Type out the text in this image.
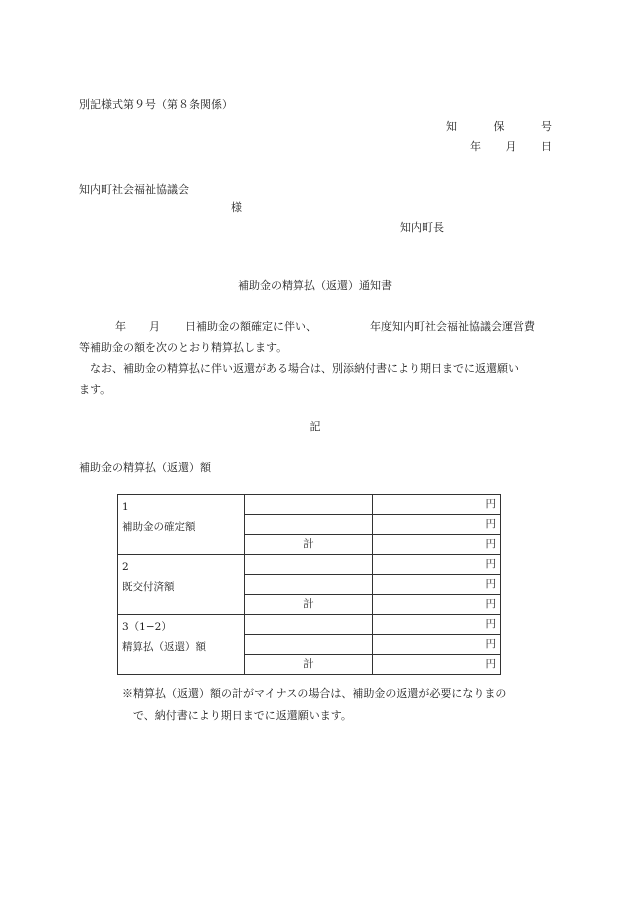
別記様式第９号（第８条関係）
知	保	号
年 月 日
知内町社会福祉協議会
様
知内町長
補助金の精算払（返還）通知書
年 月 日補助金の額確定に伴い、	年度知内町社会福祉協議会運営費
等補助金の額を次のとおり精算払します。
なお、補助金の精算払に伴い返還がある場合は、別添納付書により期日までに返還願い
ます。
記
補助金の精算払（返還）額
1
補助金の確定額		円
		円
	計	円

2
既交付済額		円
		円
	計	円

3（1−2）
精算払（返還）額		円
		円
	計	円
※精算払（返還）額の計がマイナスの場合は、補助金の返還が必要になりまの
で、納付書により期日までに返還願います。
